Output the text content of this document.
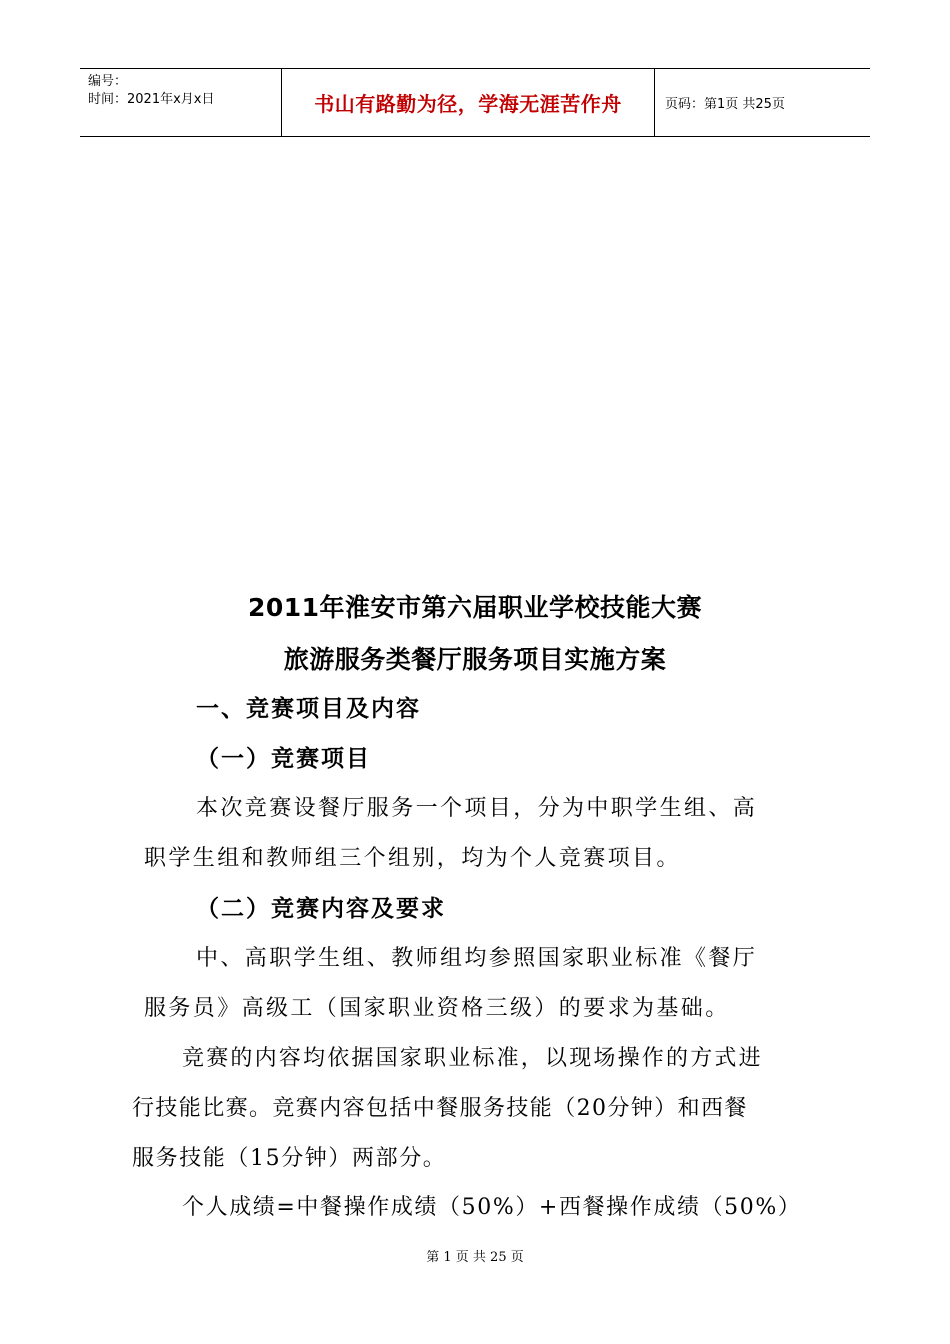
编号：
时间：2021年x月x日	书山有路勤为径，学海无涯苦作舟	页码：第1页 共25页
2011年淮安市第六届职业学校技能大赛
旅游服务类餐厅服务项目实施方案
一、竞赛项目及内容
（一）竞赛项目
本次竞赛设餐厅服务一个项目，分为中职学生组、高
职学生组和教师组三个组别，均为个人竞赛项目。
（二）竞赛内容及要求
中、高职学生组、教师组均参照国家职业标准《餐厅
服务员》高级工（国家职业资格三级）的要求为基础。
竞赛的内容均依据国家职业标准，以现场操作的方式进
行技能比赛。竞赛内容包括中餐服务技能（20分钟）和西餐
服务技能（15分钟）两部分。
个人成绩=中餐操作成绩（50%）+西餐操作成绩（50%）
第 1 页 共 25 页
